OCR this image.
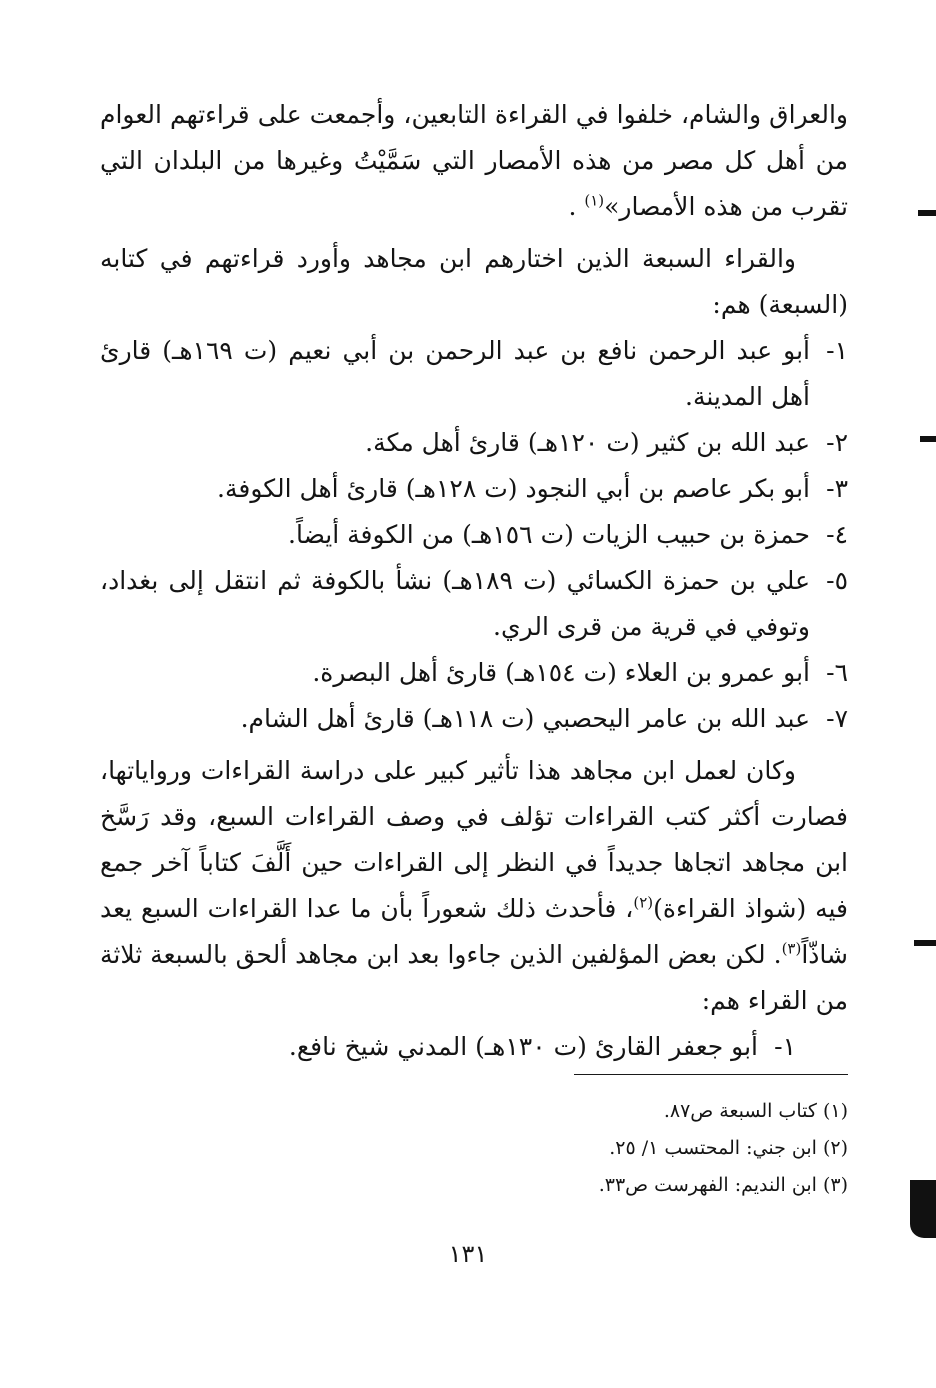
والعراق والشام، خلفوا في القراءة التابعين، وأجمعت على قراءتهم العوام من أهل كل مصر من هذه الأمصار التي سَمَّيْتُ وغيرها من البلدان التي تقرب من هذه الأمصار»$^{(١)}$ .

والقراء السبعة الذين اختارهم ابن مجاهد وأورد قراءتهم في كتابه (السبعة) هم:

١-
أبو عبد الرحمن نافع بن عبد الرحمن بن أبي نعيم (ت ١٦٩هـ) قارئ أهل المدينة.
٢-
عبد الله بن كثير (ت ١٢٠هـ) قارئ أهل مكة.
٣-
أبو بكر عاصم بن أبي النجود (ت ١٢٨هـ) قارئ أهل الكوفة.
٤-
حمزة بن حبيب الزيات (ت ١٥٦هـ) من الكوفة أيضاً.
٥-
علي بن حمزة الكسائي (ت ١٨٩هـ) نشأ بالكوفة ثم انتقل إلى بغداد، وتوفي في قرية من قرى الري.
٦-
أبو عمرو بن العلاء (ت ١٥٤هـ) قارئ أهل البصرة.
٧-
عبد الله بن عامر اليحصبي (ت ١١٨هـ) قارئ أهل الشام.

وكان لعمل ابن مجاهد هذا تأثير كبير على دراسة القراءات ورواياتها، فصارت أكثر كتب القراءات تؤلف في وصف القراءات السبع، وقد رَسَّخ ابن مجاهد اتجاها جديداً في النظر إلى القراءات حين أَلَّفَ كتاباً آخر جمع فيه (شواذ القراءة)$^{(٢)}$، فأحدث ذلك شعوراً بأن ما عدا القراءات السبع يعد شاذّاً$^{(٣)}$. لكن بعض المؤلفين الذين جاءوا بعد ابن مجاهد ألحق بالسبعة ثلاثة من القراء هم:

١-
أبو جعفر القارئ (ت ١٣٠هـ) المدني شيخ نافع.
(١) كتاب السبعة ص٨٧.
(٢) ابن جني: المحتسب ١/ ٢٥.
(٣) ابن النديم: الفهرست ص٣٣.
١٣١
